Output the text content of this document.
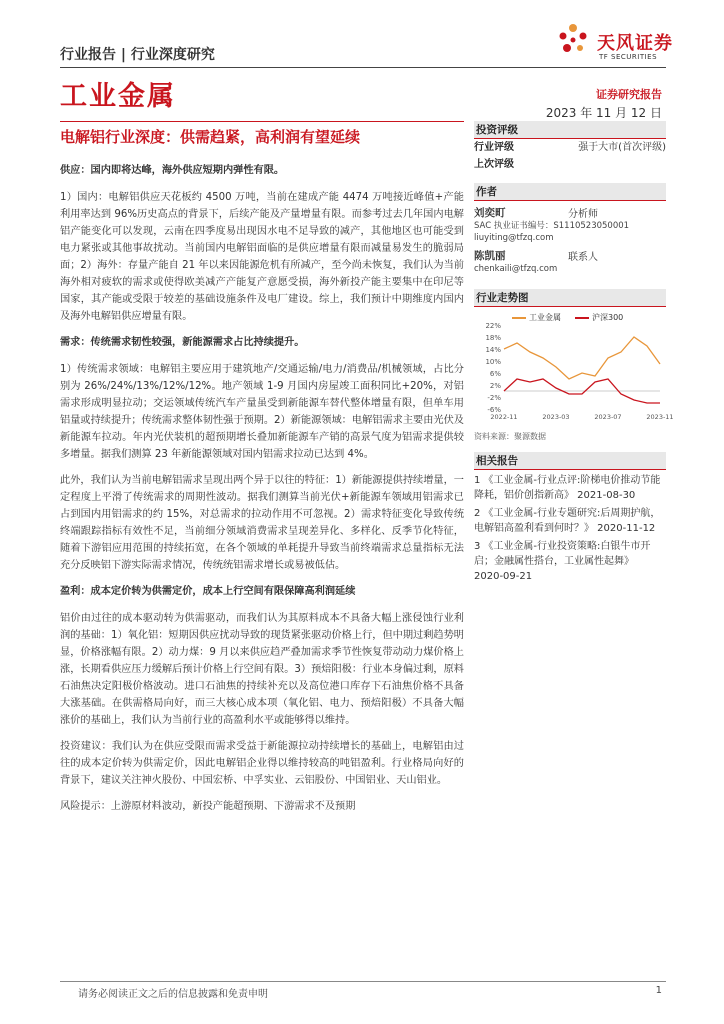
行业报告 | 行业深度研究
天风证券
TF SECURITIES
工业金属	证券研究报告
2023 年 11 月 12 日
电解铝行业深度：供需趋紧，高利润有望延续

供应：国内即将达峰，海外供应短期内弹性有限。

1）国内：电解铝供应天花板约 4500 万吨，当前在建成产能 4474 万吨接近峰值+产能利用率达到 96%历史高点的背景下，后续产能及产量增量有限。而参考过去几年国内电解铝产能变化可以发现，云南在四季度易出现因水电不足导致的减产，其他地区也可能受到电力紧张或其他事故扰动。当前国内电解铝面临的是供应增量有限而减量易发生的脆弱局面；2）海外：存量产能自 21 年以来因能源危机有所减产，至今尚未恢复，我们认为当前海外相对疲软的需求或使得欧美减产产能复产意愿受损，海外新投产能主要集中在印尼等国家，其产能或受限于较差的基础设施条件及电厂建设。综上，我们预计中期维度内国内及海外电解铝供应增量有限。

需求：传统需求韧性较强，新能源需求占比持续提升。

1）传统需求领域：电解铝主要应用于建筑地产/交通运输/电力/消费品/机械领域，占比分别为 26%/24%/13%/12%/12%。地产领域 1-9 月国内房屋竣工面积同比+20%，对铝需求形成明显拉动；交运领域传统汽车产量虽受到新能源车替代整体增量有限，但单车用铝量或持续提升；传统需求整体韧性强于预期。2）新能源领域：电解铝需求主要由光伏及新能源车拉动。年内光伏装机的超预期增长叠加新能源车产销的高景气度为铝需求提供较多增量。据我们测算 23 年新能源领域对国内铝需求拉动已达到 4%。

此外，我们认为当前电解铝需求呈现出两个异于以往的特征：1）新能源提供持续增量，一定程度上平滑了传统需求的周期性波动。据我们测算当前光伏+新能源车领域用铝需求已占到国内用铝需求的约 15%，对总需求的拉动作用不可忽视。2）需求特征变化导致传统终端跟踪指标有效性不足，当前细分领域消费需求呈现差异化、多样化、反季节化特征，随着下游铝应用范围的持续拓宽，在各个领域的单耗提升导致当前终端需求总量指标无法充分反映铝下游实际需求情况，传统统铝需求增长或易被低估。

盈利：成本定价转为供需定价，成本上行空间有限保障高利润延续

铝价由过往的成本驱动转为供需驱动，而我们认为其原料成本不具备大幅上涨侵蚀行业利润的基础：1）氧化铝：短期因供应扰动导致的现货紧张驱动价格上行，但中期过剩趋势明显，价格涨幅有限。2）动力煤：9 月以来供应趋严叠加需求季节性恢复带动动力煤价格上涨，长期看供应压力缓解后预计价格上行空间有限。3）预焙阳极：行业本身偏过剩，原料石油焦决定阳极价格波动。进口石油焦的持续补充以及高位港口库存下石油焦价格不具备大涨基础。在供需格局向好，而三大核心成本项（氧化铝、电力、预焙阳极）不具备大幅涨价的基础上，我们认为当前行业的高盈利水平或能够得以维持。

投资建议：我们认为在供应受限而需求受益于新能源拉动持续增长的基础上，电解铝由过往的成本定价转为供需定价，因此电解铝企业得以维持较高的吨铝盈利。行业格局向好的背景下，建议关注神火股份、中国宏桥、中孚实业、云铝股份、中国铝业、天山铝业。

风险提示：上游原材料波动，新投产能超预期、下游需求不及预期

投资评级
行业评级	强于大市(首次评级)
上次评级
作者
刘奕町	分析师
SAC 执业证书编号：S1110523050001
liuyiting@tfzq.com
陈凯丽	联系人
chenkaili@tfzq.com
行业走势图
工业金属	沪深300
22%
18%
14%
10%
6%
2%
-2%
-6%
2022-11	2023-03	2023-07	2023-11
资料来源：聚源数据
相关报告

1 《工业金属-行业点评:阶梯电价推动节能降耗，铝价创指新高》 2021-08-30

2 《工业金属-行业专题研究:后周期护航，电解铝高盈利看到何时？》 2020-11-12

3 《工业金属-行业投资策略:白银牛市开启；金融属性搭台，工业属性起舞》 2020-09-21

请务必阅读正文之后的信息披露和免责申明	1
